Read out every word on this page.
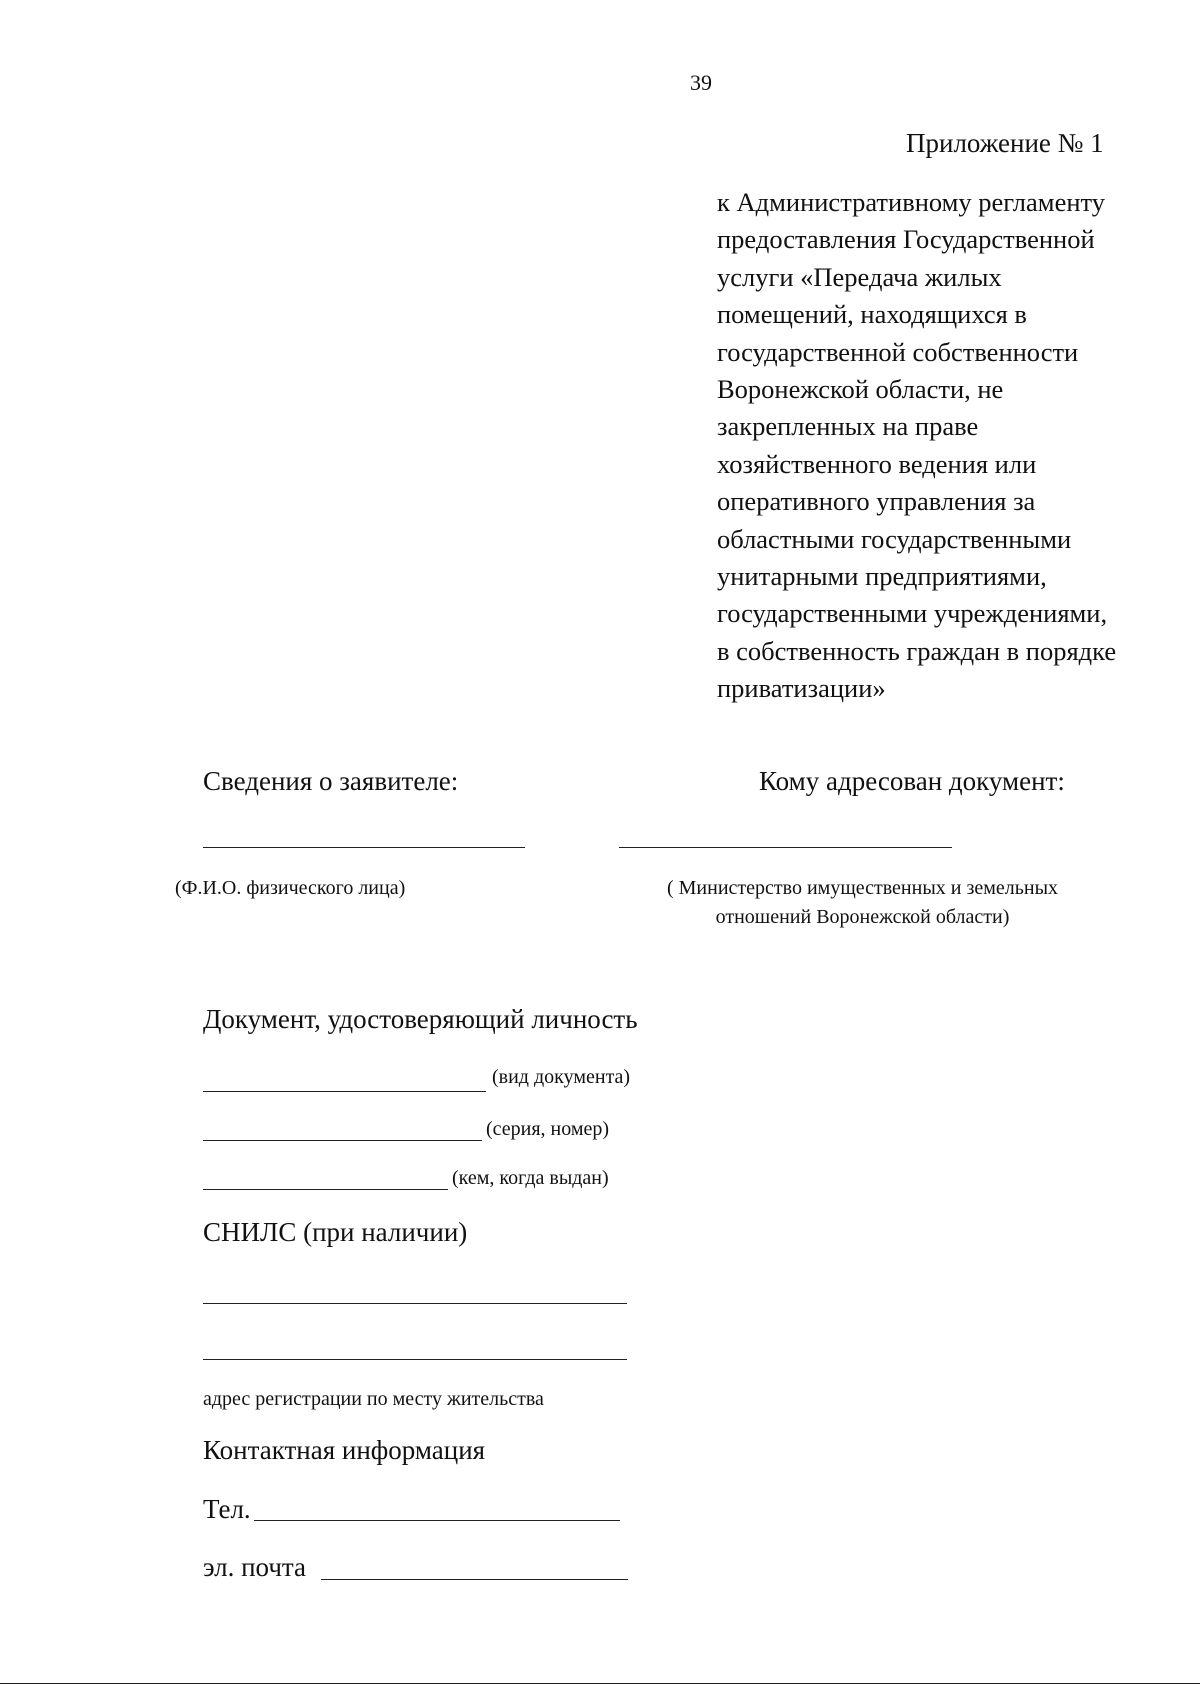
39
Приложение № 1
к Административному регламенту
предоставления Государственной
услуги «Передача жилых
помещений, находящихся в
государственной собственности
Воронежской области, не
закрепленных на праве
хозяйственного ведения или
оперативного управления за
областными государственными
унитарными предприятиями,
государственными учреждениями,
в собственность граждан в порядке
приватизации»
Сведения о заявителе:	Кому адресован документ:
(Ф.И.О. физического лица)	( Министерство имущественных и земельных
отношений Воронежской области)
Документ, удостоверяющий личность
(вид документа)
(серия, номер)
(кем, когда выдан)
СНИЛС (при наличии)
адрес регистрации по месту жительства
Контактная информация
Тел.
эл. почта
